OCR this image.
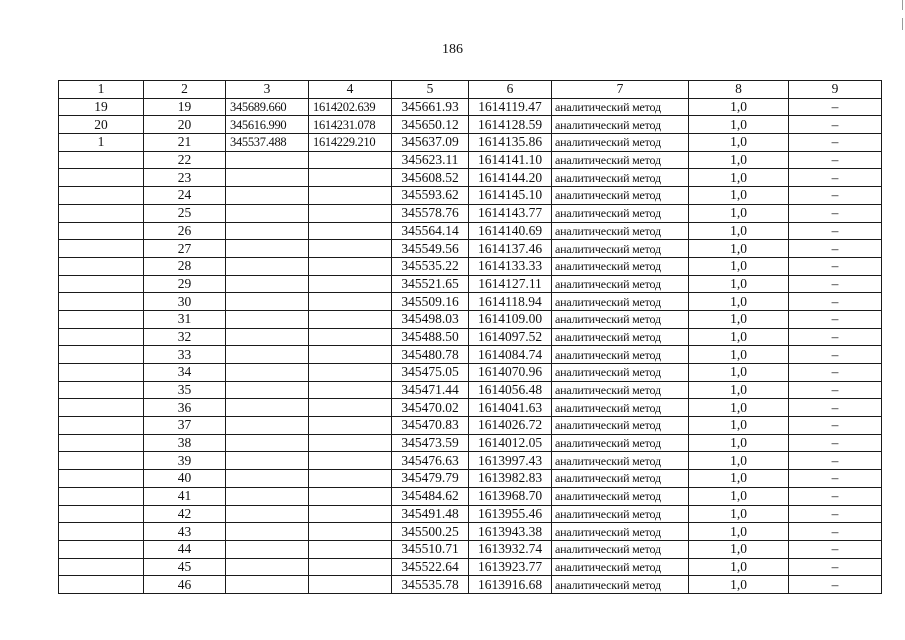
186
1	2	3	4	5	6	7	8	9
19	19	345689.660	1614202.639	345661.93	1614119.47	аналитический метод	1,0	–
20	20	345616.990	1614231.078	345650.12	1614128.59	аналитический метод	1,0	–
1	21	345537.488	1614229.210	345637.09	1614135.86	аналитический метод	1,0	–
	22			345623.11	1614141.10	аналитический метод	1,0	–
	23			345608.52	1614144.20	аналитический метод	1,0	–
	24			345593.62	1614145.10	аналитический метод	1,0	–
	25			345578.76	1614143.77	аналитический метод	1,0	–
	26			345564.14	1614140.69	аналитический метод	1,0	–
	27			345549.56	1614137.46	аналитический метод	1,0	–
	28			345535.22	1614133.33	аналитический метод	1,0	–
	29			345521.65	1614127.11	аналитический метод	1,0	–
	30			345509.16	1614118.94	аналитический метод	1,0	–
	31			345498.03	1614109.00	аналитический метод	1,0	–
	32			345488.50	1614097.52	аналитический метод	1,0	–
	33			345480.78	1614084.74	аналитический метод	1,0	–
	34			345475.05	1614070.96	аналитический метод	1,0	–
	35			345471.44	1614056.48	аналитический метод	1,0	–
	36			345470.02	1614041.63	аналитический метод	1,0	–
	37			345470.83	1614026.72	аналитический метод	1,0	–
	38			345473.59	1614012.05	аналитический метод	1,0	–
	39			345476.63	1613997.43	аналитический метод	1,0	–
	40			345479.79	1613982.83	аналитический метод	1,0	–
	41			345484.62	1613968.70	аналитический метод	1,0	–
	42			345491.48	1613955.46	аналитический метод	1,0	–
	43			345500.25	1613943.38	аналитический метод	1,0	–
	44			345510.71	1613932.74	аналитический метод	1,0	–
	45			345522.64	1613923.77	аналитический метод	1,0	–
	46			345535.78	1613916.68	аналитический метод	1,0	–
